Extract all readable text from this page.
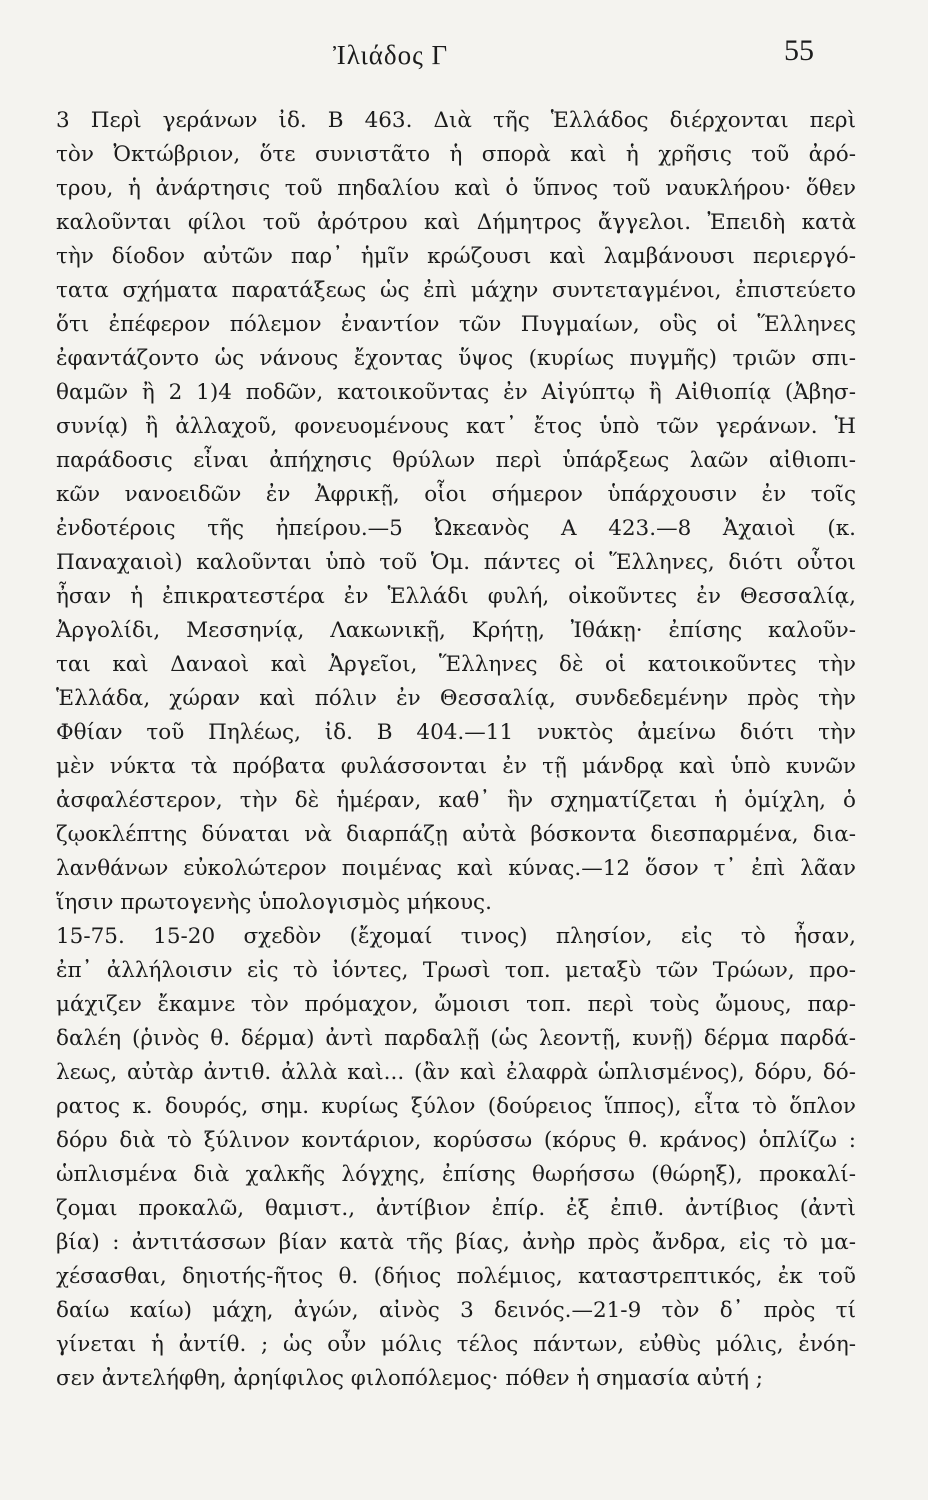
Ἰλιάδος Γ	55
3 Περὶ γεράνων ἰδ. Β 463. Διὰ τῆς Ἑλλάδος διέρχονται περὶ
τὸν Ὀκτώβριον, ὅτε συνιστᾶτο ἡ σπορὰ καὶ ἡ χρῆσις τοῦ ἀρό-
τρου, ἡ ἀνάρτησις τοῦ πηδαλίου καὶ ὁ ὕπνος τοῦ ναυκλήρου· ὅθεν
καλοῦνται φίλοι τοῦ ἀρότρου καὶ Δήμητρος ἄγγελοι. Ἐπειδὴ κατὰ
τὴν δίοδον αὐτῶν παρ᾽ ἡμῖν κρώζουσι καὶ λαμβάνουσι περιεργό-
τατα σχήματα παρατάξεως ὡς ἐπὶ μάχην συντεταγμένοι, ἐπιστεύετο
ὅτι ἐπέφερον πόλεμον ἐναντίον τῶν Πυγμαίων, οὓς οἱ Ἕλληνες
ἐφαντάζοντο ὡς νάνους ἔχοντας ὕψος (κυρίως πυγμῆς) τριῶν σπι-
θαμῶν ἢ 2 1)4 ποδῶν, κατοικοῦντας ἐν Αἰγύπτῳ ἢ Αἰθιοπίᾳ (Ἀβησ-
συνίᾳ) ἢ ἀλλαχοῦ, φονευομένους κατ᾽ ἔτος ὑπὸ τῶν γεράνων. Ἡ
παράδοσις εἶναι ἀπήχησις θρύλων περὶ ὑπάρξεως λαῶν αἰθιοπι-
κῶν νανοειδῶν ἐν Ἀφρικῇ, οἷοι σήμερον ὑπάρχουσιν ἐν τοῖς
ἐνδοτέροις τῆς ἠπείρου.—5 Ὠκεανὸς Α 423.—8 Ἀχαιοὶ (κ.
Παναχαιοὶ) καλοῦνται ὑπὸ τοῦ Ὁμ. πάντες οἱ Ἕλληνες, διότι οὗτοι
ἦσαν ἡ ἐπικρατεστέρα ἐν Ἑλλάδι φυλή, οἰκοῦντες ἐν Θεσσαλίᾳ,
Ἀργολίδι, Μεσσηνίᾳ, Λακωνικῇ, Κρήτῃ, Ἰθάκῃ· ἐπίσης καλοῦν-
ται καὶ Δαναοὶ καὶ Ἀργεῖοι, Ἕλληνες δὲ οἱ κατοικοῦντες τὴν
Ἑλλάδα, χώραν καὶ πόλιν ἐν Θεσσαλίᾳ, συνδεδεμένην πρὸς τὴν
Φθίαν τοῦ Πηλέως, ἰδ. Β 404.—11 νυκτὸς ἀμείνω διότι τὴν
μὲν νύκτα τὰ πρόβατα φυλάσσονται ἐν τῇ μάνδρᾳ καὶ ὑπὸ κυνῶν
ἀσφαλέστερον, τὴν δὲ ἡμέραν, καθ᾽ ἣν σχηματίζεται ἡ ὁμίχλη, ὁ
ζῳοκλέπτης δύναται νὰ διαρπάζῃ αὐτὰ βόσκοντα διεσπαρμένα, δια-
λανθάνων εὐκολώτερον ποιμένας καὶ κύνας.—12 ὅσον τ᾽ ἐπὶ λᾶαν
ἵησιν πρωτογενὴς ὑπολογισμὸς μήκους.
15-75. 15-20 σχεδὸν (ἔχομαί τινος) πλησίον, εἰς τὸ ἦσαν,
ἐπ᾽ ἀλλήλοισιν εἰς τὸ ἰόντες, Τρωσὶ τοπ. μεταξὺ τῶν Τρώων, προ-
μάχιζεν ἔκαμνε τὸν πρόμαχον, ὤμοισι τοπ. περὶ τοὺς ὤμους, παρ-
δαλέη (ῥινὸς θ. δέρμα) ἀντὶ παρδαλῇ (ὡς λεοντῇ, κυνῇ) δέρμα παρδά-
λεως, αὐτὰρ ἀντιθ. ἀλλὰ καὶ... (ἂν καὶ ἐλαφρὰ ὡπλισμένος), δόρυ, δό-
ρατος κ. δουρός, σημ. κυρίως ξύλον (δούρειος ἵππος), εἶτα τὸ ὅπλον
δόρυ διὰ τὸ ξύλινον κοντάριον, κορύσσω (κόρυς θ. κράνος) ὁπλίζω :
ὡπλισμένα διὰ χαλκῆς λόγχης, ἐπίσης θωρήσσω (θώρηξ), προκαλί-
ζομαι προκαλῶ, θαμιστ., ἀντίβιον ἐπίρ. ἐξ ἐπιθ. ἀντίβιος (ἀντὶ
βία) : ἀντιτάσσων βίαν κατὰ τῆς βίας, ἀνὴρ πρὸς ἄνδρα, εἰς τὸ μα-
χέσασθαι, δηιοτής-ῆτος θ. (δήιος πολέμιος, καταστρεπτικός, ἐκ τοῦ
δαίω καίω) μάχη, ἀγών, αἰνὸς 3 δεινός.—21-9 τὸν δ᾽ πρὸς τί
γίνεται ἡ ἀντίθ. ; ὡς οὖν μόλις τέλος πάντων, εὐθὺς μόλις, ἐνόη-
σεν ἀντελήφθη, ἀρηίφιλος φιλοπόλεμος· πόθεν ἡ σημασία αὐτή ;
